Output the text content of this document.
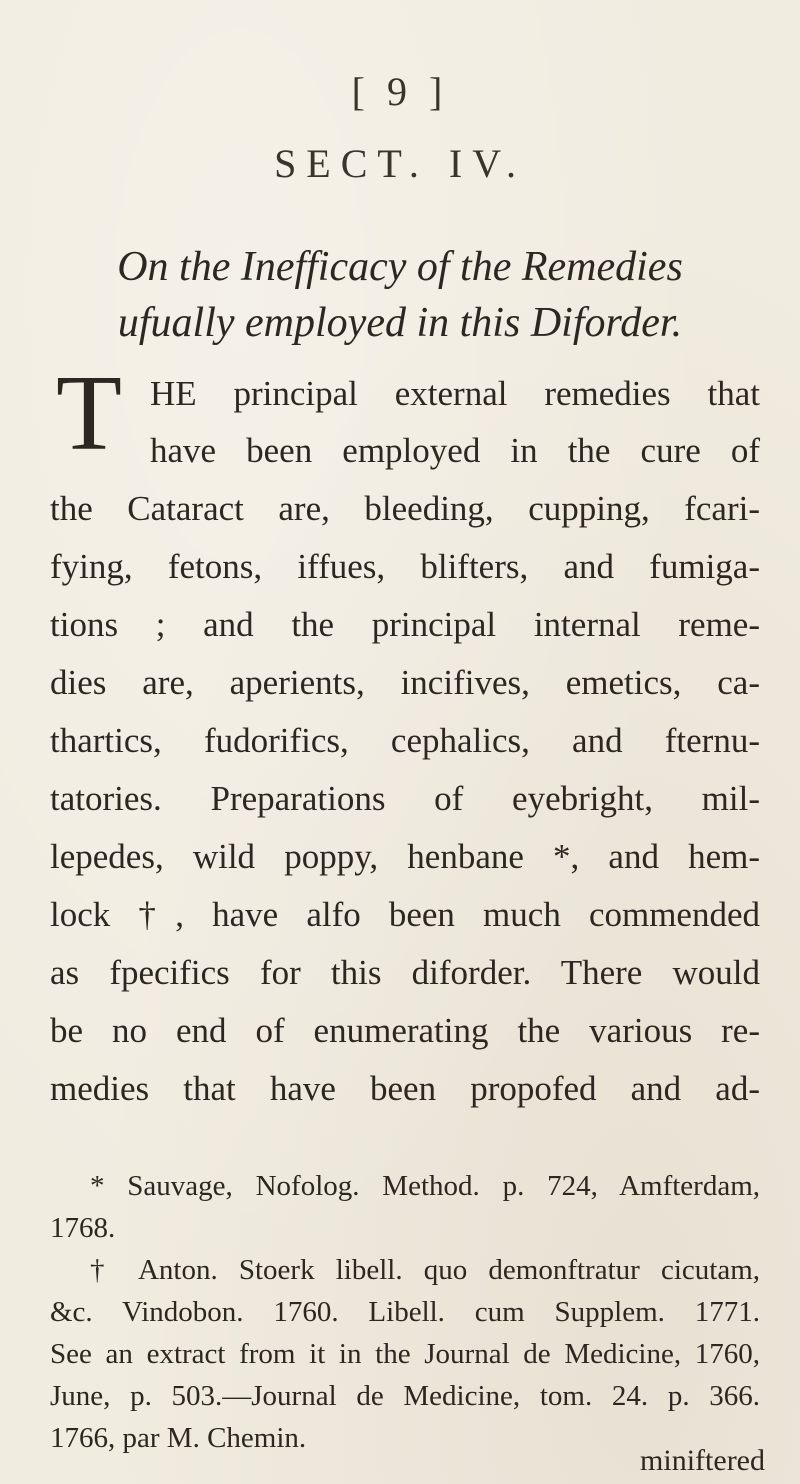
[ 9 ]
SECT. IV.
On the Inefficacy of the Remedies
ufually employed in this Diforder.
T HE principal external remedies that
have been employed in the cure of
the Cataract are, bleeding, cupping, fcari-
fying, fetons, iffues, blifters, and fumiga-
tions ; and the principal internal reme-
dies are, aperients, incifives, emetics, ca-
thartics, fudorifics, cephalics, and fternu-
tatories. Preparations of eyebright, mil-
lepedes, wild poppy, henbane *, and hem-
lock †, have alfo been much commended
as fpecifics for this diforder. There would
be no end of enumerating the various re-
medies that have been propofed and ad-
* Sauvage, Nofolog. Method. p. 724, Amfterdam,
1768.
† Anton. Stoerk libell. quo demonftratur cicutam,
&c. Vindobon. 1760. Libell. cum Supplem. 1771.
See an extract from it in the Journal de Medicine, 1760,
June, p. 503.—Journal de Medicine, tom. 24. p. 366.
1766, par M. Chemin.
miniftered
